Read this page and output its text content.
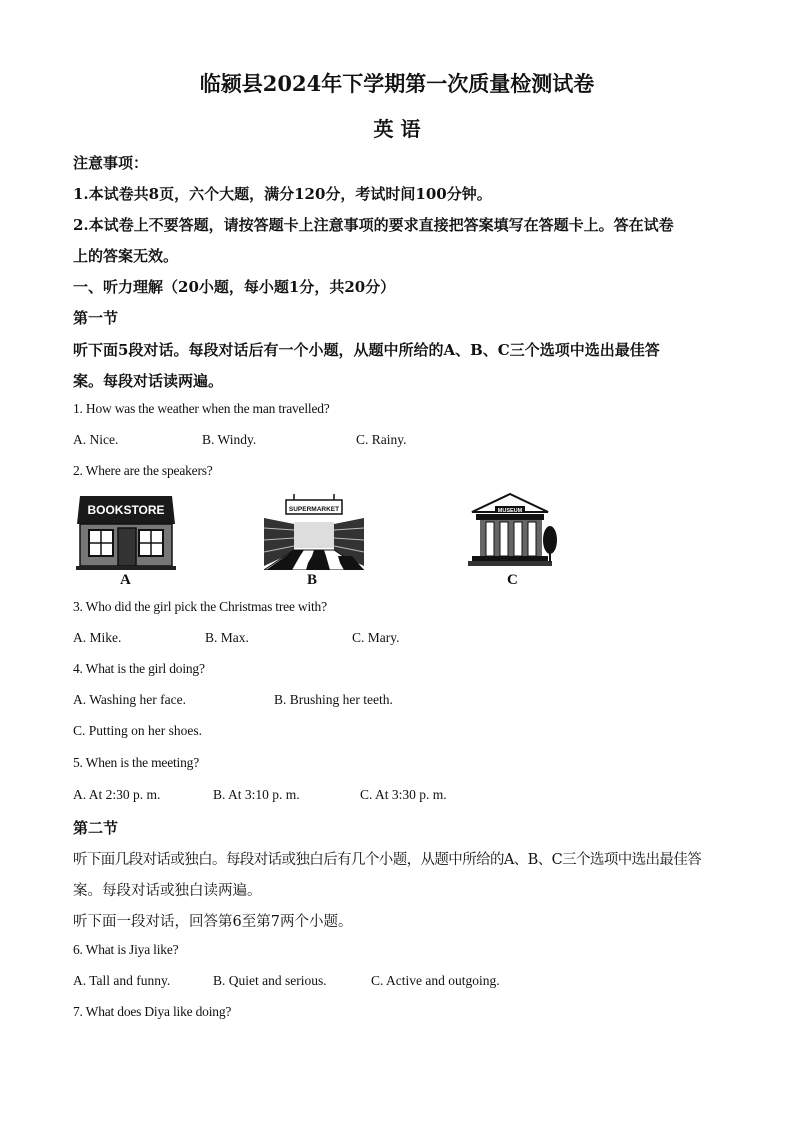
临颍县2024年下学期第一次质量检测试卷
英 语
注意事项：
1.本试卷共8页，六个大题，满分120分，考试时间100分钟。
2.本试卷上不要答题，请按答题卡上注意事项的要求直接把答案填写在答题卡上。答在试卷
上的答案无效。
一、听力理解（20小题，每小题1分，共20分）
第一节
听下面5段对话。每段对话后有一个小题，从题中所给的A、B、C三个选项中选出最佳答
案。每段对话读两遍。
1. How was the weather when the man travelled?
A. Nice.	B. Windy.	C. Rainy.
2. Where are the speakers?
BOOKSTORE
A
SUPERMARKET
B
MUSEUM
C
3. Who did the girl pick the Christmas tree with?
A. Mike.	B. Max.	C. Mary.
4. What is the girl doing?
A. Washing her face.	B. Brushing her teeth.
C. Putting on her shoes.
5. When is the meeting?
A. At 2:30 p. m.	B. At 3:10 p. m.	C. At 3:30 p. m.
第二节
听下面几段对话或独白。每段对话或独白后有几个小题，从题中所给的A、B、C三个选项中选出最佳答
案。每段对话或独白读两遍。
听下面一段对话，回答第6至第7两个小题。
6. What is Jiya like?
A. Tall and funny.	B. Quiet and serious.	C. Active and outgoing.
7. What does Diya like doing?
